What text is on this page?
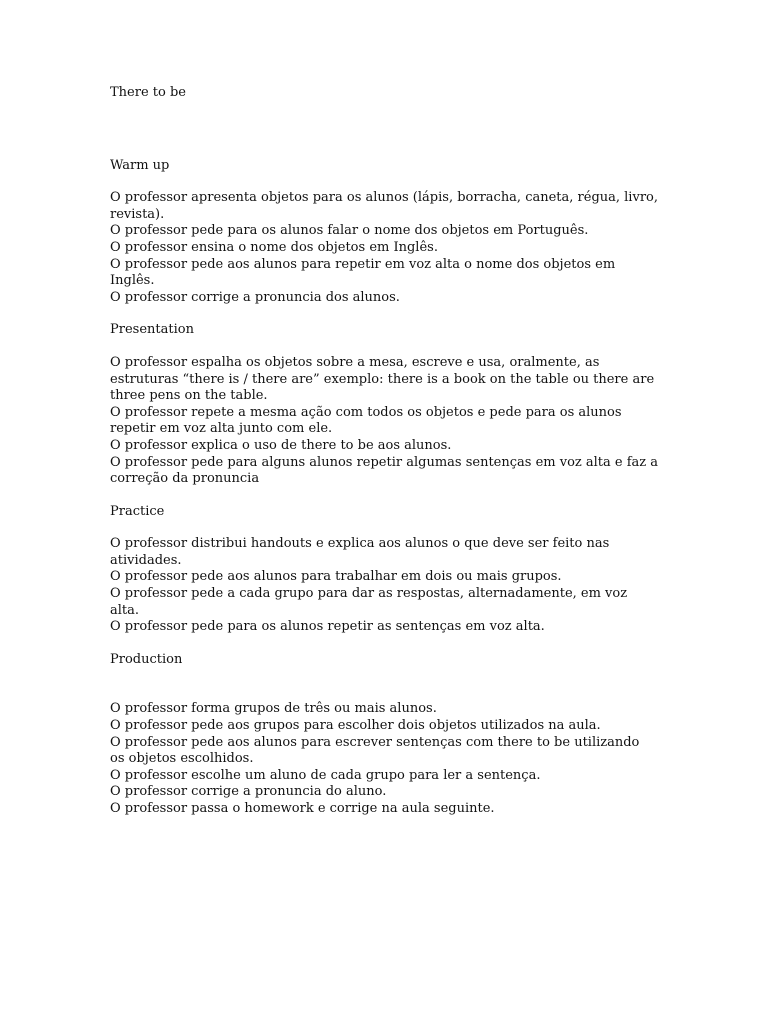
There to be
Warm up

O professor apresenta objetos para os alunos (lápis, borracha, caneta, régua, livro, revista).

O professor pede para os alunos falar o nome dos objetos em Português.

O professor ensina o nome dos objetos em Inglês.

O professor pede aos alunos para repetir em voz alta o nome dos objetos em Inglês.

O professor corrige a pronuncia dos alunos.

Presentation

O professor espalha os objetos sobre a mesa, escreve e usa, oralmente, as estruturas “there is / there are” exemplo: there is a book on the table ou there are three pens on the table.

O professor repete a mesma ação com todos os objetos e pede para os alunos repetir em voz alta junto com ele.

O professor explica o uso de there to be aos alunos.

O professor pede para alguns alunos repetir algumas sentenças em voz alta e faz a correção da pronuncia

Practice

O professor distribui handouts e explica aos alunos o que deve ser feito nas atividades.

O professor pede aos alunos para trabalhar em dois ou mais grupos.

O professor pede a cada grupo para dar as respostas, alternadamente, em voz alta.

O professor pede para os alunos repetir as sentenças em voz alta.

Production

O professor forma grupos de três ou mais alunos.

O professor pede aos grupos para escolher dois objetos utilizados na aula.

O professor pede aos alunos para escrever sentenças com there to be utilizando os objetos escolhidos.

O professor escolhe um aluno de cada grupo para ler a sentença.

O professor corrige a pronuncia do aluno.

O professor passa o homework e corrige na aula seguinte.
